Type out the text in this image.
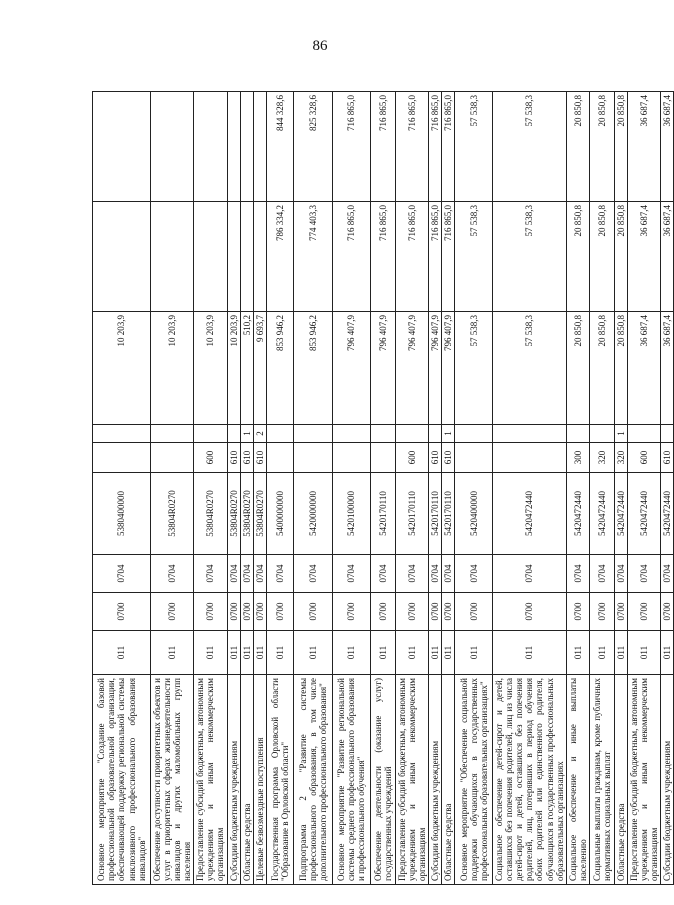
86
Основное мероприятие "Создание базовой профессиональной образовательной организации, обеспечивающей поддержку региональной системы инклюзивного профессионального образования инвалидов"	011	0700	0704	5380400000			10 203,9		
Обеспечение доступности приоритетных объектов и услуг в приоритетных сферах жизнедеятельности инвалидов и других маломобильных групп населения	011	0700	0704	53804R0270			10 203,9		
Предоставление субсидий бюджетным, автономным учреждениям и иным некоммерческим организациям	011	0700	0704	53804R0270	600		10 203,9		
Субсидии бюджетным учреждениям	011	0700	0704	53804R0270	610		10 203,9		
Областные средства	011	0700	0704	53804R0270	610	1	510,2		
Целевые безвозмездные поступления	011	0700	0704	53804R0270	610	2	9 693,7		
Государственная программа Орловской области "Образование в Орловской области"	011	0700	0704	5400000000			853 946,2	786 334,2	844 328,6
Подпрограмма 2 "Развитие системы профессионального образования, в том числе дополнительного профессионального образования"	011	0700	0704	5420000000			853 946,2	774 403,3	825 328,6
Основное мероприятие "Развитие региональной системы среднего профессионального образования и профессионального обучения"	011	0700	0704	5420100000			796 407,9	716 865,0	716 865,0
Обеспечение деятельности (оказание услуг) государственных учреждений	011	0700	0704	5420170110			796 407,9	716 865,0	716 865,0
Предоставление субсидий бюджетным, автономным учреждениям и иным некоммерческим организациям	011	0700	0704	5420170110	600		796 407,9	716 865,0	716 865,0
Субсидии бюджетным учреждениям	011	0700	0704	5420170110	610		796 407,9	716 865,0	716 865,0
Областные средства	011	0700	0704	5420170110	610	1	796 407,9	716 865,0	716 865,0
Основное мероприятие "Обеспечение социальной поддержки обучающихся в государственных профессиональных образовательных организациях"	011	0700	0704	5420400000			57 538,3	57 538,3	57 538,3
Социальное обеспечение детей-сирот и детей, оставшихся без попечения родителей, лиц из числа детей-сирот и детей, оставшихся без попечения родителей, лиц, потерявших в период обучения обоих родителей или единственного родителя, обучающихся в государственных профессиональных образовательных организациях	011	0700	0704	5420472440			57 538,3	57 538,3	57 538,3
Социальное обеспечение и иные выплаты населению	011	0700	0704	5420472440	300		20 850,8	20 850,8	20 850,8
Социальные выплаты гражданам, кроме публичных нормативных социальных выплат	011	0700	0704	5420472440	320		20 850,8	20 850,8	20 850,8
Областные средства	011	0700	0704	5420472440	320	1	20 850,8	20 850,8	20 850,8
Предоставление субсидий бюджетным, автономным учреждениям и иным некоммерческим организациям	011	0700	0704	5420472440	600		36 687,4	36 687,4	36 687,4
Субсидии бюджетным учреждениям	011	0700	0704	5420472440	610		36 687,4	36 687,4	36 687,4
